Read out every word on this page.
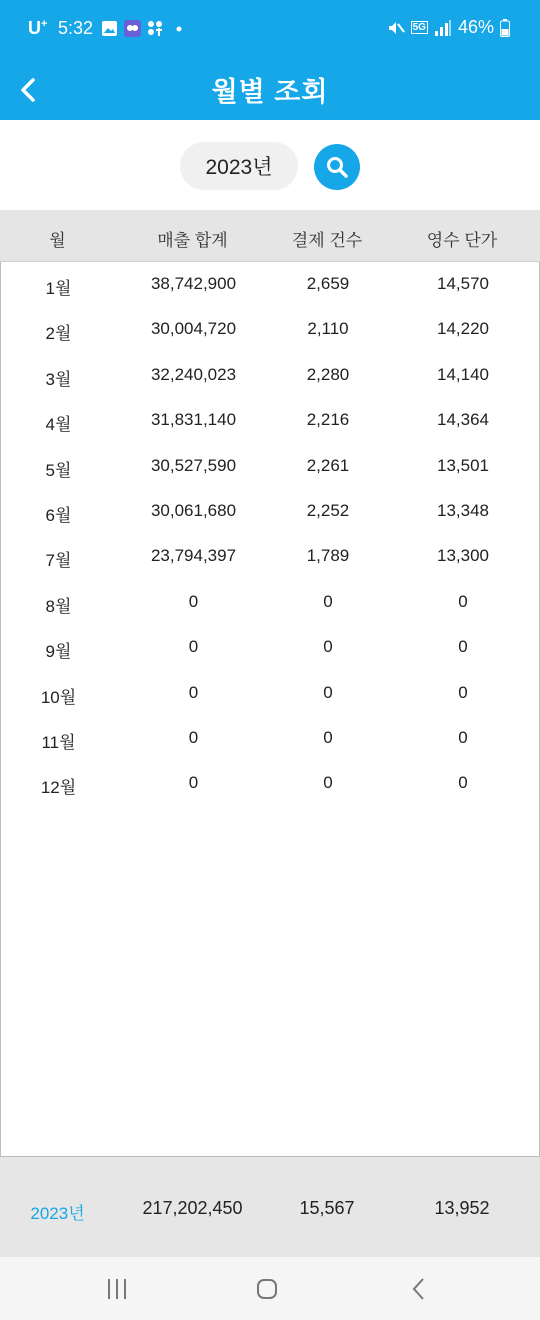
U+ 5:32	5G 46%
월별 조회
2023년
월	매출 합계	결제 건수	영수 단가
1월	38,742,900	2,659	14,570
2월	30,004,720	2,110	14,220
3월	32,240,023	2,280	14,140
4월	31,831,140	2,216	14,364
5월	30,527,590	2,261	13,501
6월	30,061,680	2,252	13,348
7월	23,794,397	1,789	13,300
8월	0	0	0
9월	0	0	0
10월	0	0	0
11월	0	0	0
12월	0	0	0
2023년	217,202,450	15,567	13,952
